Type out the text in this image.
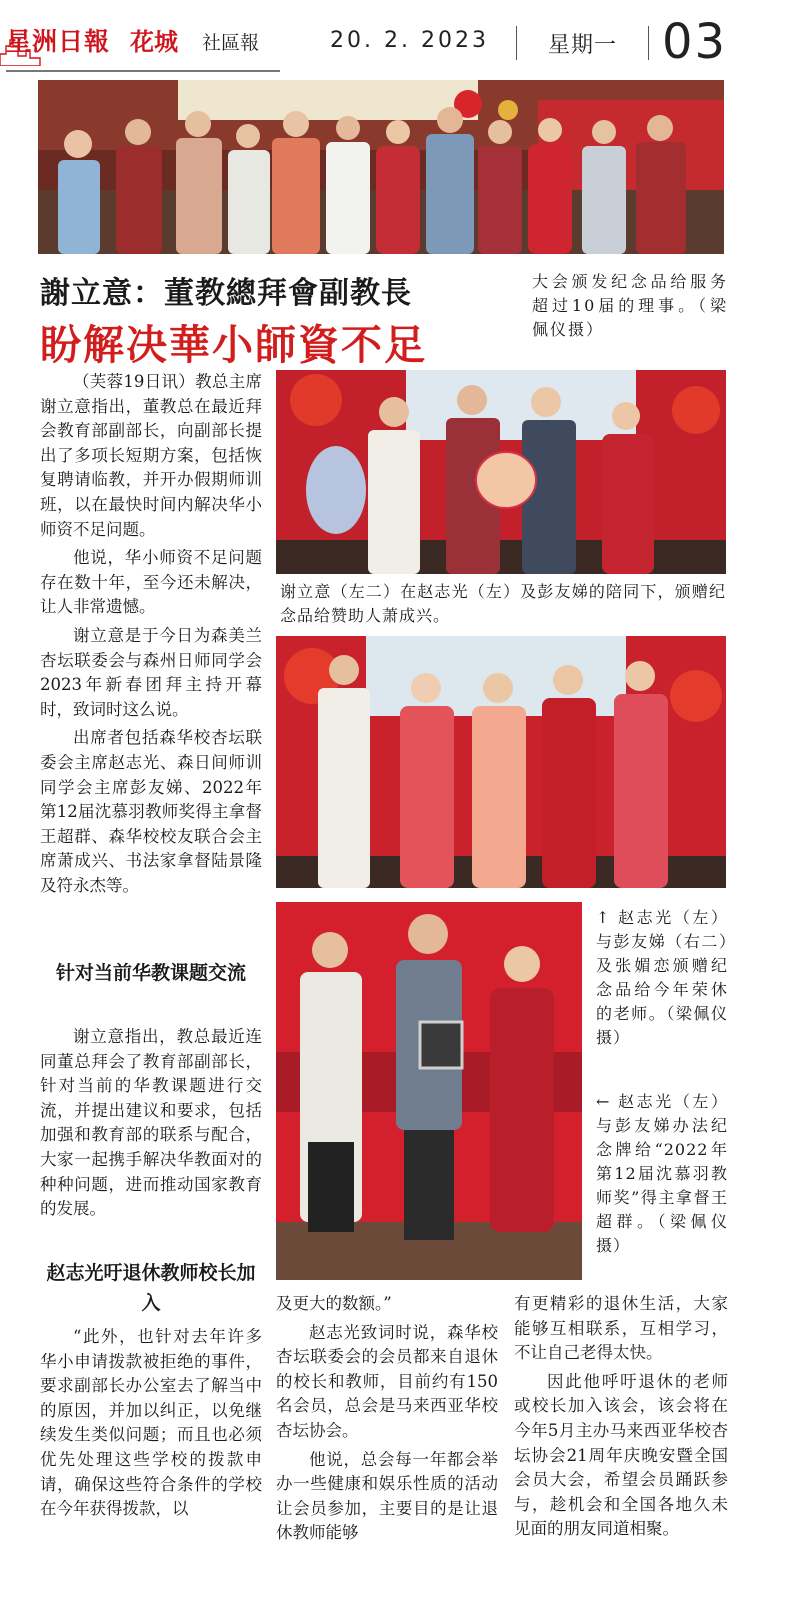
星洲日報 花城 社區報	20. 2. 2023	星期一 03
謝立意：董教總拜會副教長
盼解决華小師資不足
大会颁发纪念品给服务超过10届的理事。（梁佩仪摄）
谢立意（左二）在赵志光（左）及彭友娣的陪同下，颁赠纪念品给赞助人萧成兴。
↑ 赵志光（左）与彭友娣（右二）及张媚恋颁赠纪念品给今年荣休的老师。（梁佩仪摄）
← 赵志光（左）与彭友娣办法纪念牌给“2022年第12届沈慕羽教师奖”得主拿督王超群。（梁佩仪摄）

（芙蓉19日讯）教总主席谢立意指出，董教总在最近拜会教育部副部长，向副部长提出了多项长短期方案，包括恢复聘请临教，并开办假期师训班，以在最快时间内解决华小师资不足问题。

他说，华小师资不足问题存在数十年，至今还未解决，让人非常遗憾。

谢立意是于今日为森美兰杏坛联委会与森州日师同学会2023年新春团拜主持开幕时，致词时这么说。

出席者包括森华校杏坛联委会主席赵志光、森日间师训同学会主席彭友娣、2022年第12届沈慕羽教师奖得主拿督王超群、森华校校友联合会主席萧成兴、书法家拿督陆景隆及符永杰等。

针对当前华教课题交流

谢立意指出，教总最近连同董总拜会了教育部副部长，针对当前的华教课题进行交流，并提出建议和要求，包括加强和教育部的联系与配合，大家一起携手解决华教面对的种种问题，进而推动国家教育的发展。

赵志光吁退休教师校长加入

“此外，也针对去年许多华小申请拨款被拒绝的事件，要求副部长办公室去了解当中的原因，并加以纠正，以免继续发生类似问题；而且也必须优先处理这些学校的拨款申请，确保这些符合条件的学校在今年获得拨款，以

及更大的数额。”

赵志光致词时说，森华校杏坛联委会的会员都来自退休的校长和教师，目前约有150名会员，总会是马来西亚华校杏坛协会。

他说，总会每一年都会举办一些健康和娱乐性质的活动让会员参加，主要目的是让退休教师能够

有更精彩的退休生活，大家能够互相联系，互相学习，不让自己老得太快。

因此他呼吁退休的老师或校长加入该会，该会将在今年5月主办马来西亚华校杏坛协会21周年庆晚安暨全国会员大会，希望会员踊跃参与，趁机会和全国各地久未见面的朋友同道相聚。
